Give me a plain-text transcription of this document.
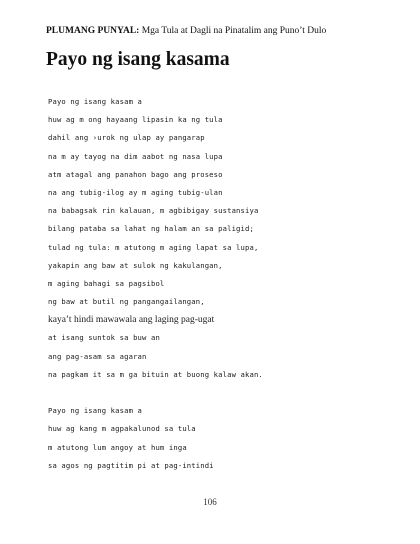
PLUMANG PUNYAL: Mga Tula at Dagli na Pinatalim ang Puno’t Dulo
Payo ng isang kasama
Payo ng isang kasam a
huw ag m ong hayaang lipasin ka ng tula
dahil ang ›urok ng ulap ay pangarap
na m ay tayog na dim aabot ng nasa lupa
atm atagal ang panahon bago ang proseso
na ang tubig-ilog ay m aging tubig-ulan
na babagsak rin kalauan, m agbibigay sustansiya
bilang pataba sa lahat ng halam an sa paligid;
tulad ng tula: m atutong m aging lapat sa lupa,
yakapin ang baw at sulok ng kakulangan,
m aging bahagi sa pagsibol
ng baw at butil ng pangangailangan,
kaya’t hindi mawawala ang laging pag-ugat
at isang suntok sa buw an
ang pag-asam sa agaran
na pagkam it sa m ga bituin at buong kalaw akan.
Payo ng isang kasam a
huw ag kang m agpakalunod sa tula
m atutong lum angoy at hum inga
sa agos ng pagtitim pi at pag-intindi
106
